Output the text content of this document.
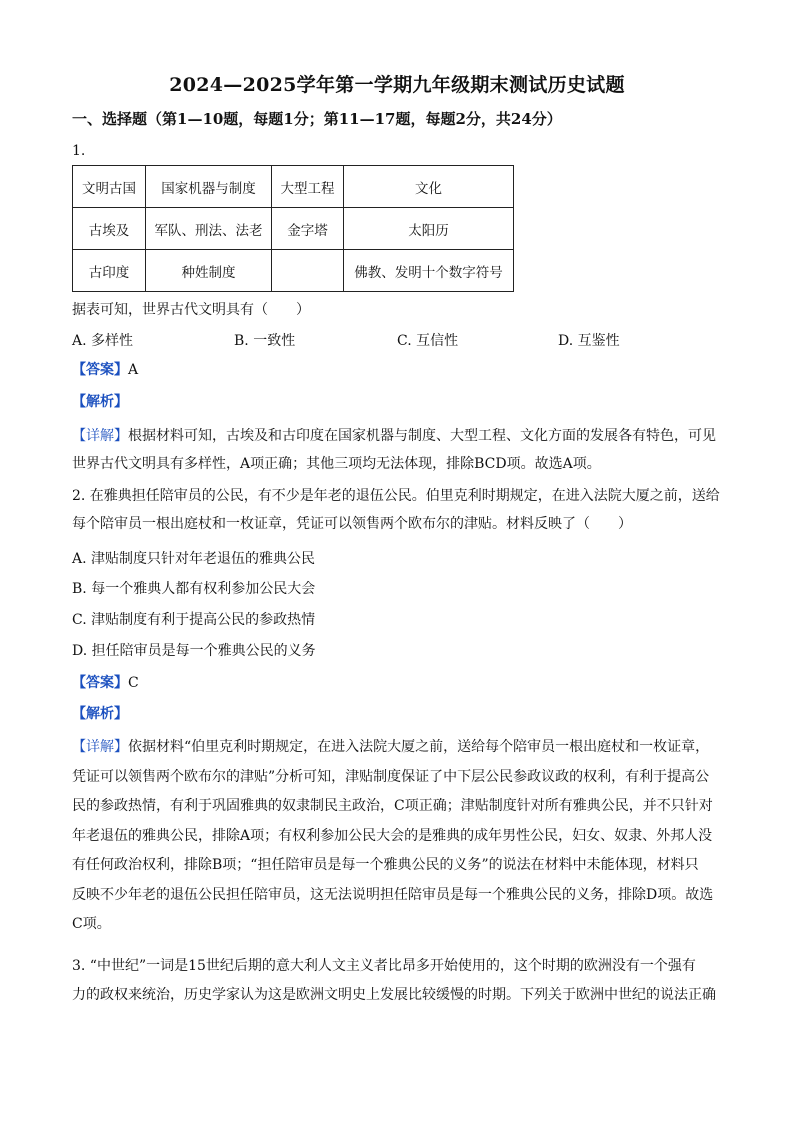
2024—2025学年第一学期九年级期末测试历史试题
一、选择题（第1—10题，每题1分；第11—17题，每题2分，共24分）
1.
文明古国	国家机器与制度	大型工程	文化
古埃及	军队、刑法、法老	金字塔	太阳历
古印度	种姓制度		佛教、发明十个数字符号
据表可知，世界古代文明具有（　　）
A. 多样性	B. 一致性	C. 互信性	D. 互鉴性
【答案】A
【解析】
【详解】根据材料可知，古埃及和古印度在国家机器与制度、大型工程、文化方面的发展各有特色，可见
世界古代文明具有多样性，A项正确；其他三项均无法体现，排除BCD项。故选A项。
2. 在雅典担任陪审员的公民，有不少是年老的退伍公民。伯里克利时期规定，在进入法院大厦之前，送给
每个陪审员一根出庭杖和一枚证章，凭证可以领售两个欧布尔的津贴。材料反映了（　　）
A. 津贴制度只针对年老退伍的雅典公民
B. 每一个雅典人都有权利参加公民大会
C. 津贴制度有利于提高公民的参政热情
D. 担任陪审员是每一个雅典公民的义务
【答案】C
【解析】
【详解】依据材料“伯里克利时期规定，在进入法院大厦之前，送给每个陪审员一根出庭杖和一枚证章，
凭证可以领售两个欧布尔的津贴”分析可知，津贴制度保证了中下层公民参政议政的权利，有利于提高公
民的参政热情，有利于巩固雅典的奴隶制民主政治，C项正确；津贴制度针对所有雅典公民，并不只针对
年老退伍的雅典公民，排除A项；有权利参加公民大会的是雅典的成年男性公民，妇女、奴隶、外邦人没
有任何政治权利，排除B项；“担任陪审员是每一个雅典公民的义务”的说法在材料中未能体现，材料只
反映不少年老的退伍公民担任陪审员，这无法说明担任陪审员是每一个雅典公民的义务，排除D项。故选
C项。
3. “中世纪”一词是15世纪后期的意大利人文主义者比昂多开始使用的，这个时期的欧洲没有一个强有
力的政权来统治，历史学家认为这是欧洲文明史上发展比较缓慢的时期。下列关于欧洲中世纪的说法正确
